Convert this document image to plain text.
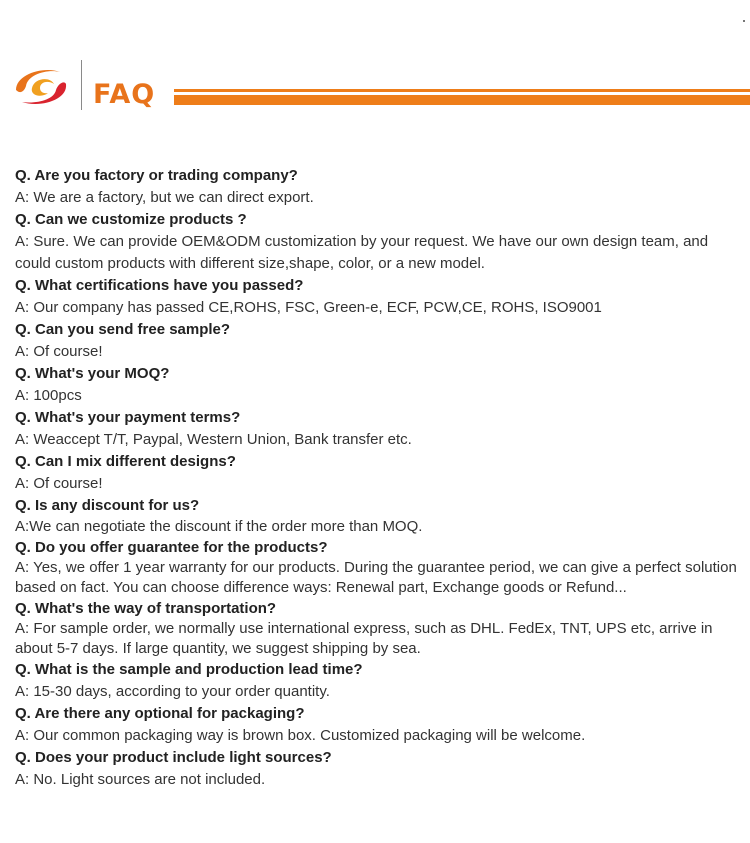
FAQ
Q. Are you factory or trading company?
A: We are a factory, but we can direct export.
Q. Can we customize products ?
A: Sure. We can provide OEM&ODM customization by your request. We have our own design team, and could custom products with different size,shape, color, or a new model.
Q. What certifications have you passed?
A: Our company has passed CE,ROHS, FSC, Green-e, ECF, PCW,CE, ROHS, ISO9001
Q. Can you send free sample?
A: Of course!
Q. What's your MOQ?
A: 100pcs
Q. What's your payment terms?
A: Weaccept T/T, Paypal, Western Union, Bank transfer etc.
Q. Can I mix different designs?
A: Of course!
Q. Is any discount for us?
A:We can negotiate the discount if the order more than MOQ.
Q. Do you offer guarantee for the products?
A: Yes, we offer 1 year warranty for our products. During the guarantee period, we can give a perfect solution based on fact. You can choose difference ways: Renewal part, Exchange goods or Refund...
Q. What's the way of transportation?
A: For sample order, we normally use international express, such as DHL. FedEx, TNT, UPS etc, arrive in about 5-7 days. If large quantity, we suggest shipping by sea.
Q. What is the sample and production lead time?
A: 15-30 days, according to your order quantity.
Q. Are there any optional for packaging?
A: Our common packaging way is brown box. Customized packaging will be welcome.
Q. Does your product include light sources?
A: No. Light sources are not included.
